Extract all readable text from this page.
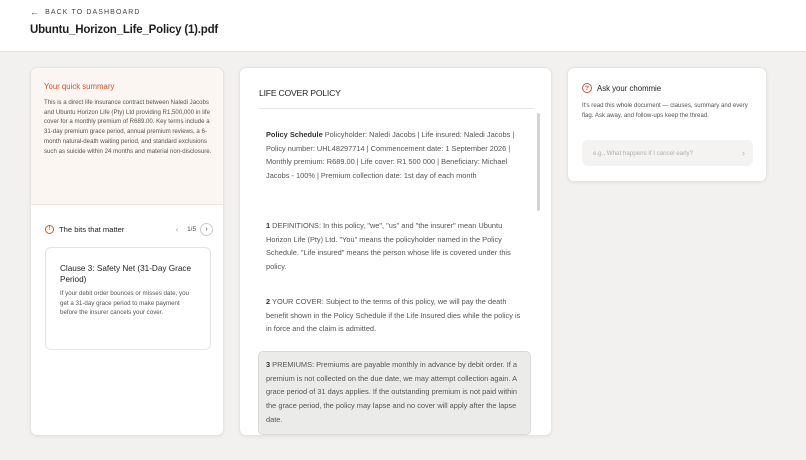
← BACK TO DASHBOARD
Ubuntu_Horizon_Life_Policy (1).pdf
Your quick summary

This is a direct life insurance contract between Naledi Jacobs and Ubuntu Horizon Life (Pty) Ltd providing R1,500,000 in life cover for a monthly premium of R689.00. Key terms include a 31-day premium grace period, annual premium reviews, a 6-month natural-death waiting period, and standard exclusions such as suicide within 24 months and material non-disclosure.

!	The bits that matter	‹	1/5	›
Clause 3: Safety Net (31-Day Grace Period)

If your debit order bounces or misses date, you get a 31-day grace period to make payment before the insurer cancels your cover.

LIFE COVER POLICY
Policy Schedule Policyholder: Naledi Jacobs | Life insured: Naledi Jacobs | Policy number: UHL48297714 | Commencement date: 1 September 2026 | Monthly premium: R689.00 | Life cover: R1 500 000 | Beneficiary: Michael Jacobs - 100% | Premium collection date: 1st day of each month
1 DEFINITIONS: In this policy, "we", "us" and "the insurer" mean Ubuntu Horizon Life (Pty) Ltd. "You" means the policyholder named in the Policy Schedule. "Life insured" means the person whose life is covered under this policy.
2 YOUR COVER: Subject to the terms of this policy, we will pay the death benefit shown in the Policy Schedule if the Life Insured dies while the policy is in force and the claim is admitted.
3 PREMIUMS: Premiums are payable monthly in advance by debit order. If a premium is not collected on the due date, we may attempt collection again. A grace period of 31 days applies. If the outstanding premium is not paid within the grace period, the policy may lapse and no cover will apply after the lapse date.
?	Ask your chommie
It's read this whole document — clauses, summary and every flag. Ask away, and follow-ups keep the thread.
e.g., What happens if I cancel early?
›
